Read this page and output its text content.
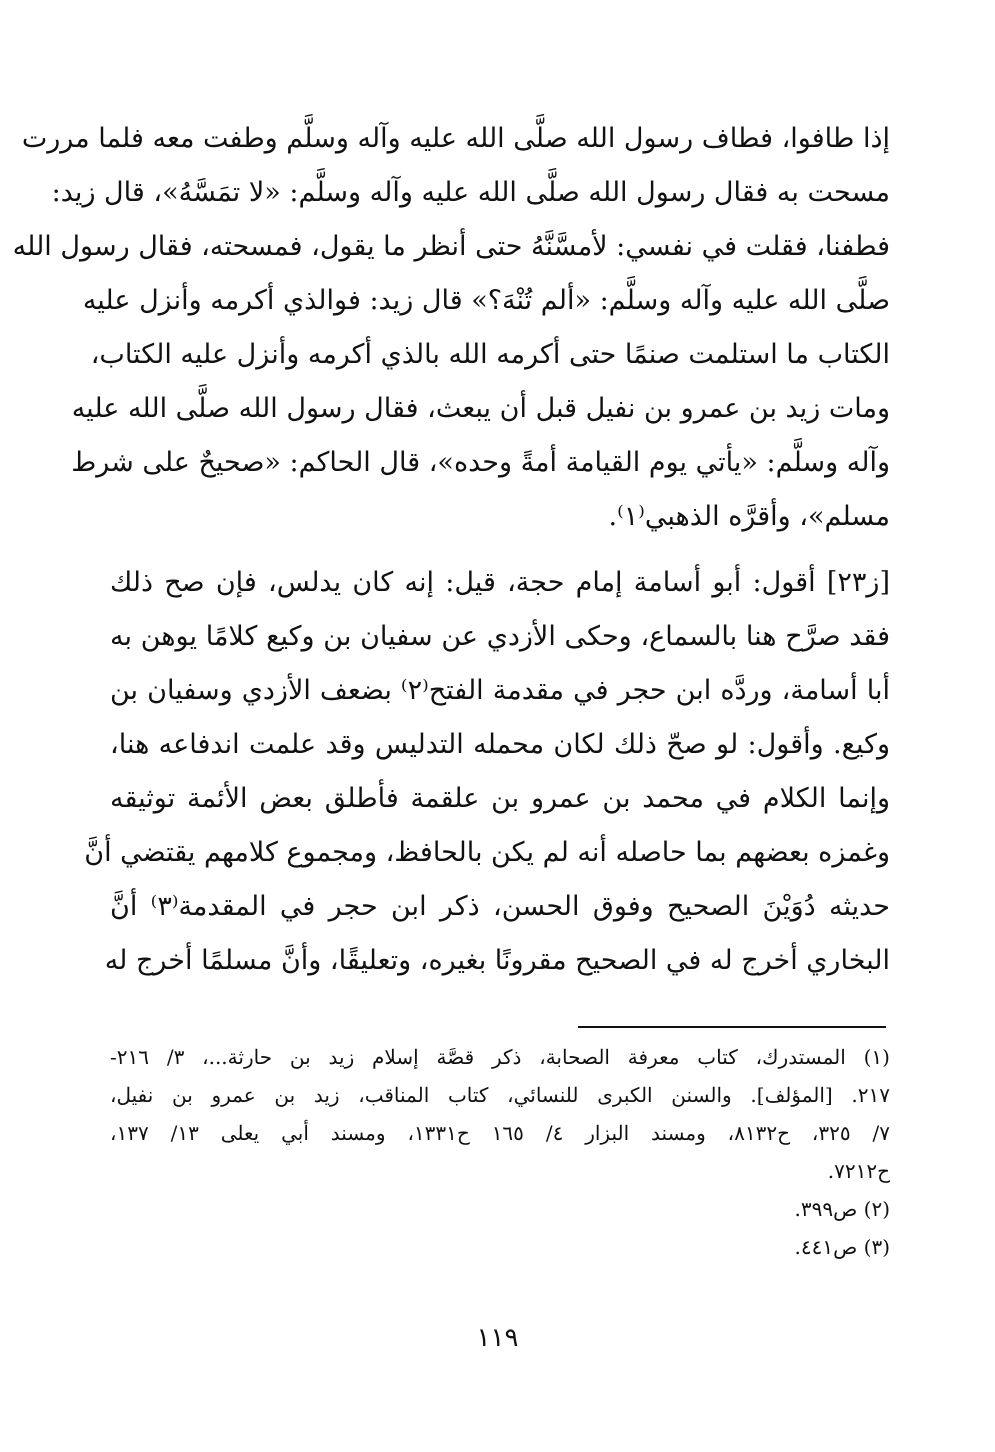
إذا طافوا، فطاف رسول الله صلَّى الله عليه وآله وسلَّم وطفت معه فلما مررت
مسحت به فقال رسول الله صلَّى الله عليه وآله وسلَّم: «لا تمَسَّهُ»، قال زيد:
فطفنا، فقلت في نفسي: لأمسَّنَّهُ حتى أنظر ما يقول، فمسحته، فقال رسول الله
صلَّى الله عليه وآله وسلَّم: «ألم تُنْهَ؟» قال زيد: فوالذي أكرمه وأنزل عليه
الكتاب ما استلمت صنمًا حتى أكرمه الله بالذي أكرمه وأنزل عليه الكتاب،
ومات زيد بن عمرو بن نفيل قبل أن يبعث، فقال رسول الله صلَّى الله عليه
وآله وسلَّم: «يأتي يوم القيامة أمةً وحده»، قال الحاكم: «صحيحٌ على شرط
مسلم»، وأقرَّه الذهبي⁽١⁾.
[ز٢٣] أقول: أبو أسامة إمام حجة، قيل: إنه كان يدلس، فإن صح ذلك
فقد صرَّح هنا بالسماع، وحكى الأزدي عن سفيان بن وكيع كلامًا يوهن به
أبا أسامة، وردَّه ابن حجر في مقدمة الفتح⁽٢⁾ بضعف الأزدي وسفيان بن
وكيع. وأقول: لو صحّ ذلك لكان محمله التدليس وقد علمت اندفاعه هنا،
وإنما الكلام في محمد بن عمرو بن علقمة فأطلق بعض الأئمة توثيقه
وغمزه بعضهم بما حاصله أنه لم يكن بالحافظ، ومجموع كلامهم يقتضي أنَّ
حديثه دُوَيْنَ الصحيح وفوق الحسن، ذكر ابن حجر في المقدمة⁽٣⁾ أنَّ
البخاري أخرج له في الصحيح مقرونًا بغيره، وتعليقًا، وأنَّ مسلمًا أخرج له
(١) المستدرك، كتاب معرفة الصحابة، ذكر قصَّة إسلام زيد بن حارثة...، ٣/ ٢١٦-
٢١٧. [المؤلف]. والسنن الكبرى للنسائي، كتاب المناقب، زيد بن عمرو بن نفيل،
٧/ ٣٢٥، ح٨١٣٢، ومسند البزار ٤/ ١٦٥ ح١٣٣١، ومسند أبي يعلى ١٣/ ١٣٧،
ح٧٢١٢.
(٢) ص٣٩٩.
(٣) ص٤٤١.
١١٩
